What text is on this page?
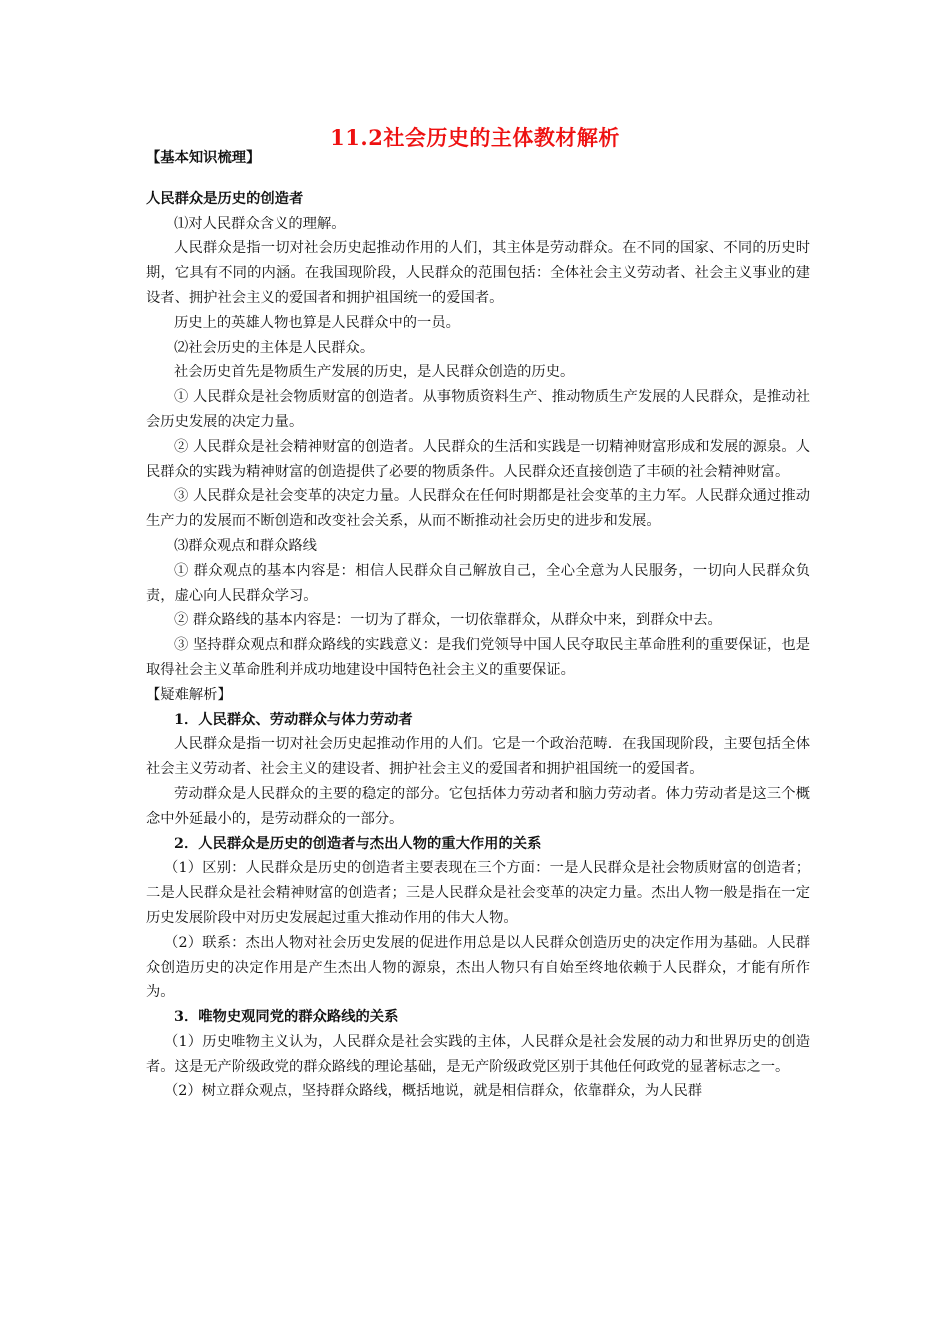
11.2社会历史的主体教材解析

【基本知识梳理】

人民群众是历史的创造者

⑴对人民群众含义的理解。

人民群众是指一切对社会历史起推动作用的人们，其主体是劳动群众。在不同的国家、不同的历史时期，它具有不同的内涵。在我国现阶段，人民群众的范围包括：全体社会主义劳动者、社会主义事业的建设者、拥护社会主义的爱国者和拥护祖国统一的爱国者。

历史上的英雄人物也算是人民群众中的一员。

⑵社会历史的主体是人民群众。

社会历史首先是物质生产发展的历史，是人民群众创造的历史。

① 人民群众是社会物质财富的创造者。从事物质资料生产、推动物质生产发展的人民群众，是推动社会历史发展的决定力量。

② 人民群众是社会精神财富的创造者。人民群众的生活和实践是一切精神财富形成和发展的源泉。人民群众的实践为精神财富的创造提供了必要的物质条件。人民群众还直接创造了丰硕的社会精神财富。

③ 人民群众是社会变革的决定力量。人民群众在任何时期都是社会变革的主力军。人民群众通过推动生产力的发展而不断创造和改变社会关系，从而不断推动社会历史的进步和发展。

⑶群众观点和群众路线

① 群众观点的基本内容是：相信人民群众自己解放自己，全心全意为人民服务，一切向人民群众负责，虚心向人民群众学习。

② 群众路线的基本内容是：一切为了群众，一切依靠群众，从群众中来，到群众中去。

③ 坚持群众观点和群众路线的实践意义：是我们党领导中国人民夺取民主革命胜利的重要保证，也是取得社会主义革命胜利并成功地建设中国特色社会主义的重要保证。

【疑难解析】

1．人民群众、劳动群众与体力劳动者

人民群众是指一切对社会历史起推动作用的人们。它是一个政治范畴．在我国现阶段，主要包括全体社会主义劳动者、社会主义的建设者、拥护社会主义的爱国者和拥护祖国统一的爱国者。

劳动群众是人民群众的主要的稳定的部分。它包括体力劳动者和脑力劳动者。体力劳动者是这三个概念中外延最小的，是劳动群众的一部分。

2．人民群众是历史的创造者与杰出人物的重大作用的关系

（1）区别：人民群众是历史的创造者主要表现在三个方面：一是人民群众是社会物质财富的创造者；二是人民群众是社会精神财富的创造者；三是人民群众是社会变革的决定力量。杰出人物一般是指在一定历史发展阶段中对历史发展起过重大推动作用的伟大人物。

（2）联系：杰出人物对社会历史发展的促进作用总是以人民群众创造历史的决定作用为基础。人民群众创造历史的决定作用是产生杰出人物的源泉，杰出人物只有自始至终地依赖于人民群众，才能有所作为。

3．唯物史观同党的群众路线的关系

（1）历史唯物主义认为，人民群众是社会实践的主体，人民群众是社会发展的动力和世界历史的创造者。这是无产阶级政党的群众路线的理论基础，是无产阶级政党区别于其他任何政党的显著标志之一。

（2）树立群众观点，坚持群众路线，概括地说，就是相信群众，依靠群众，为人民群
